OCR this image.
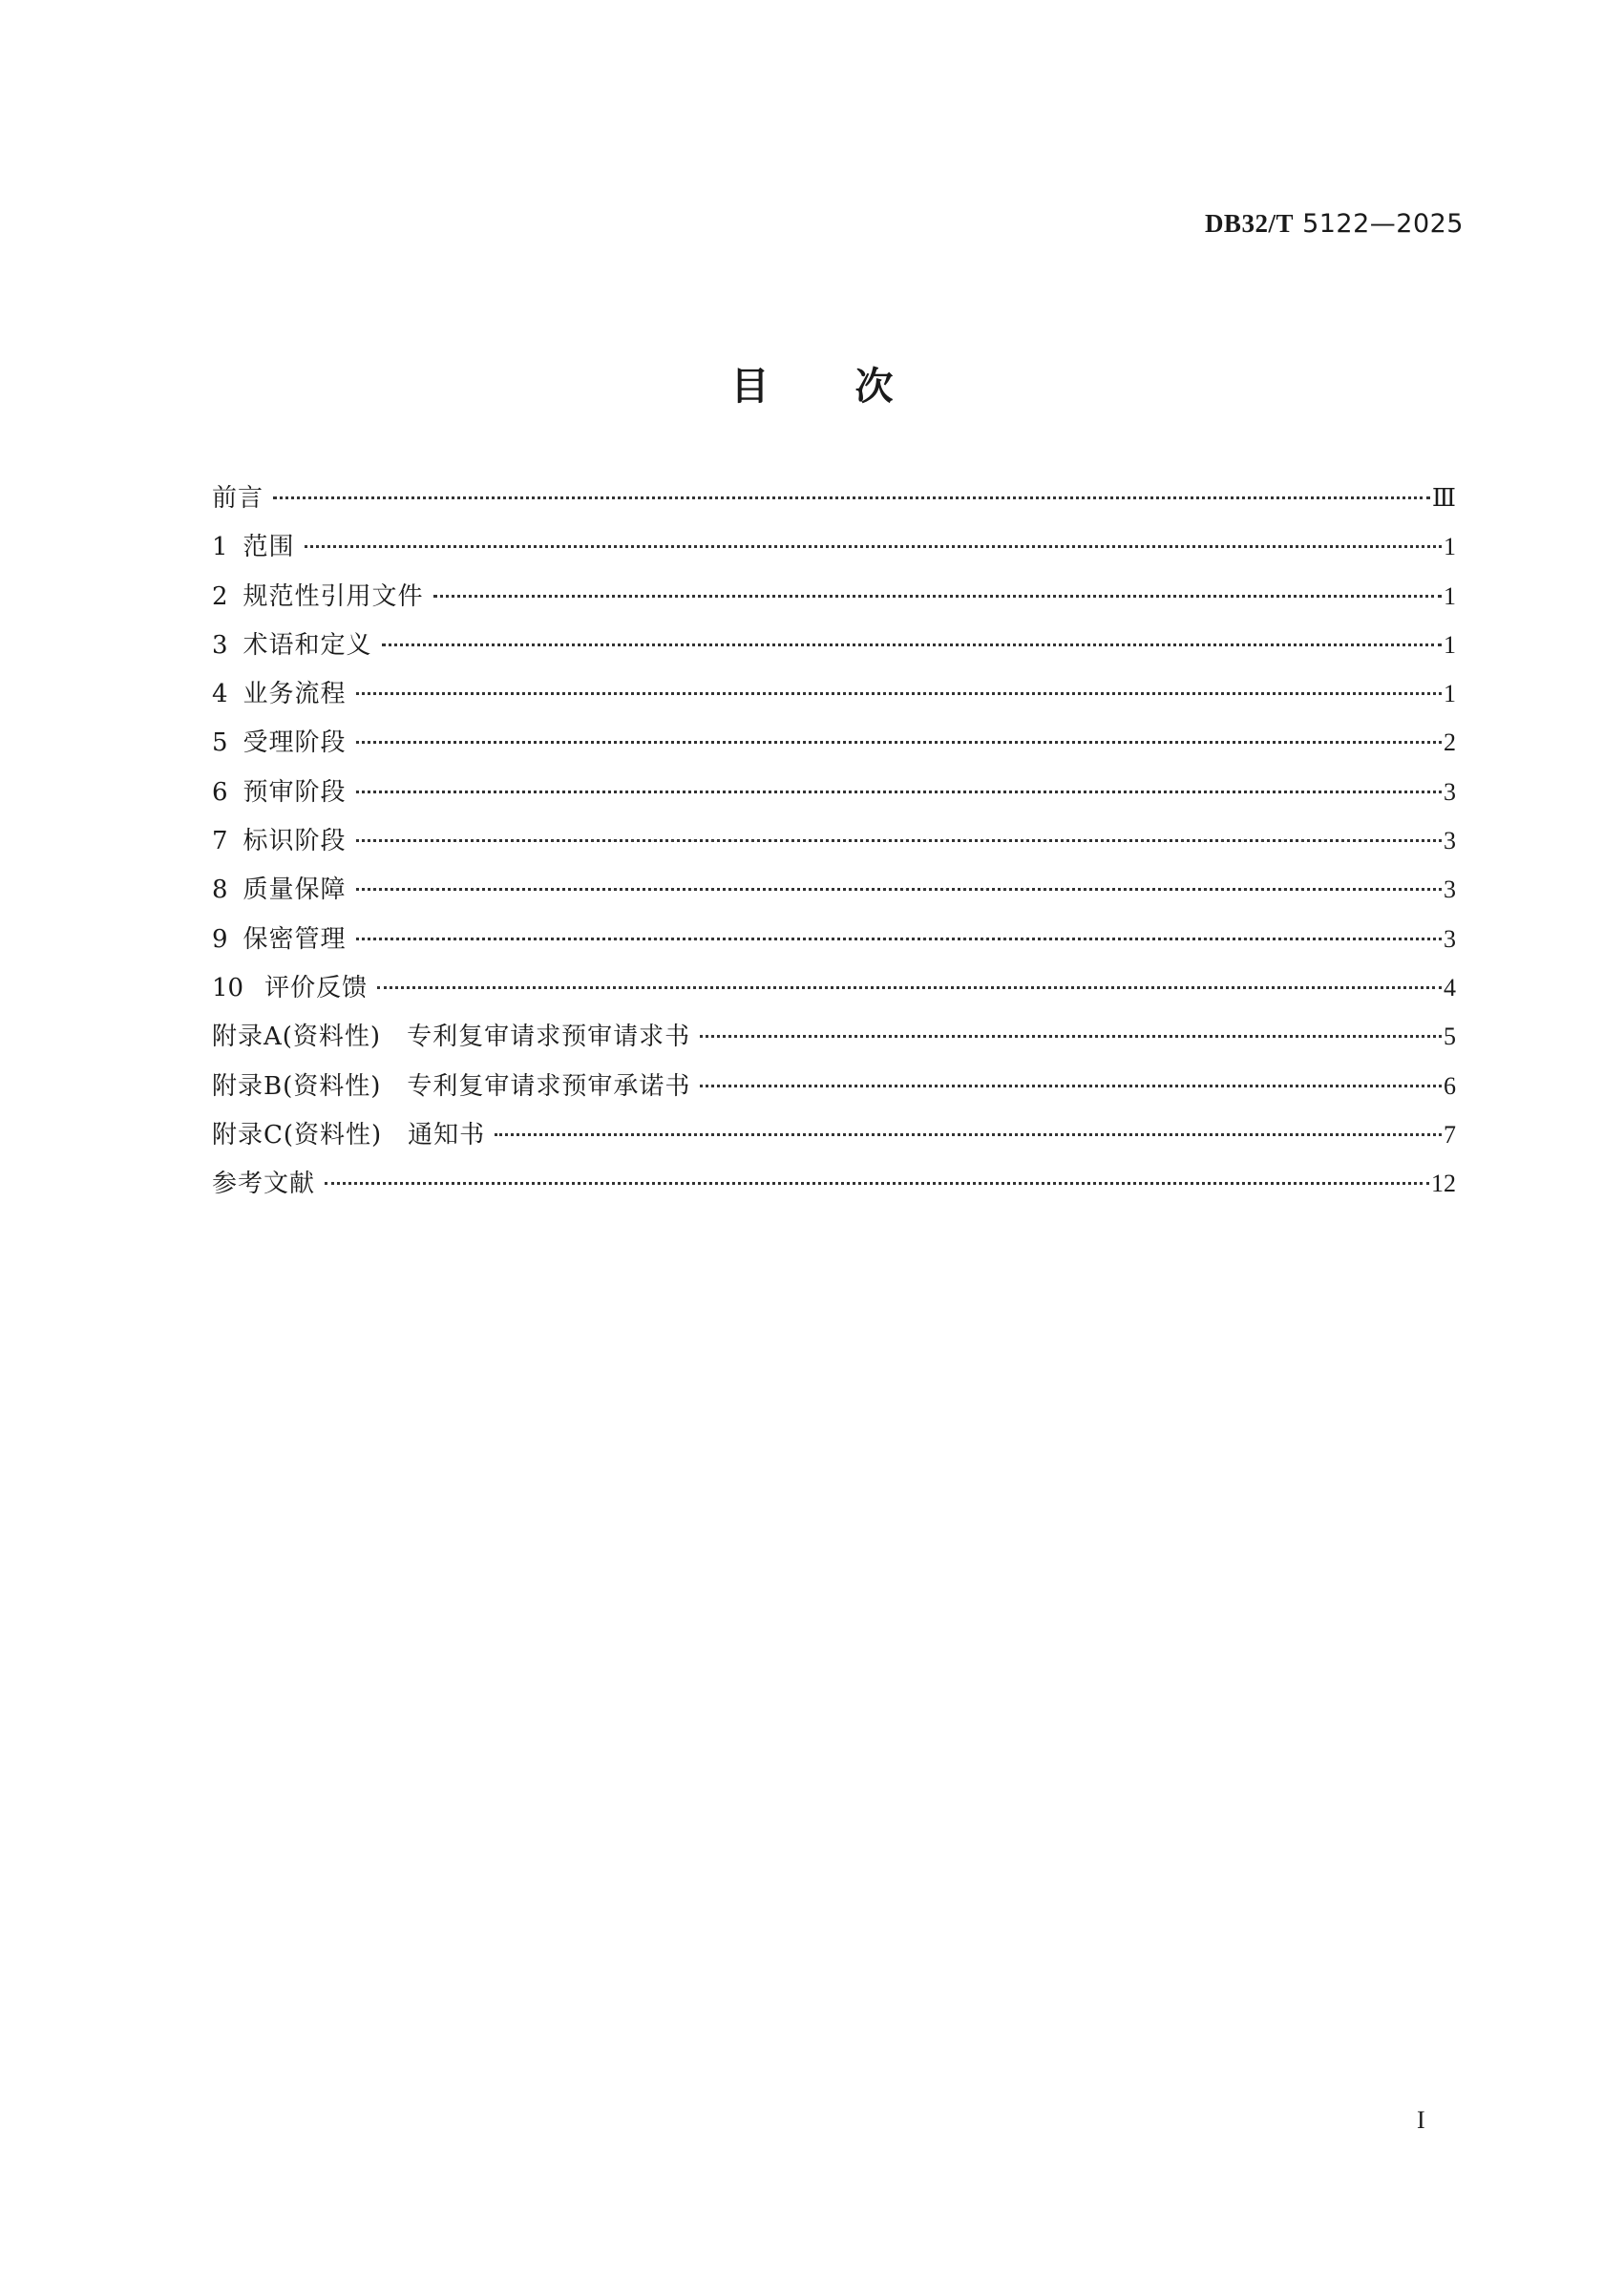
DB32/T 5122—2025
目 次
前言	Ⅲ
1 范围	1
2 规范性引用文件	1
3 术语和定义	1
4 业务流程	1
5 受理阶段	2
6 预审阶段	3
7 标识阶段	3
8 质量保障	3
9 保密管理	3
10 评价反馈	4
附录A(资料性)　专利复审请求预审请求书	5
附录B(资料性)　专利复审请求预审承诺书	6
附录C(资料性)　通知书	7
参考文献	12
I
